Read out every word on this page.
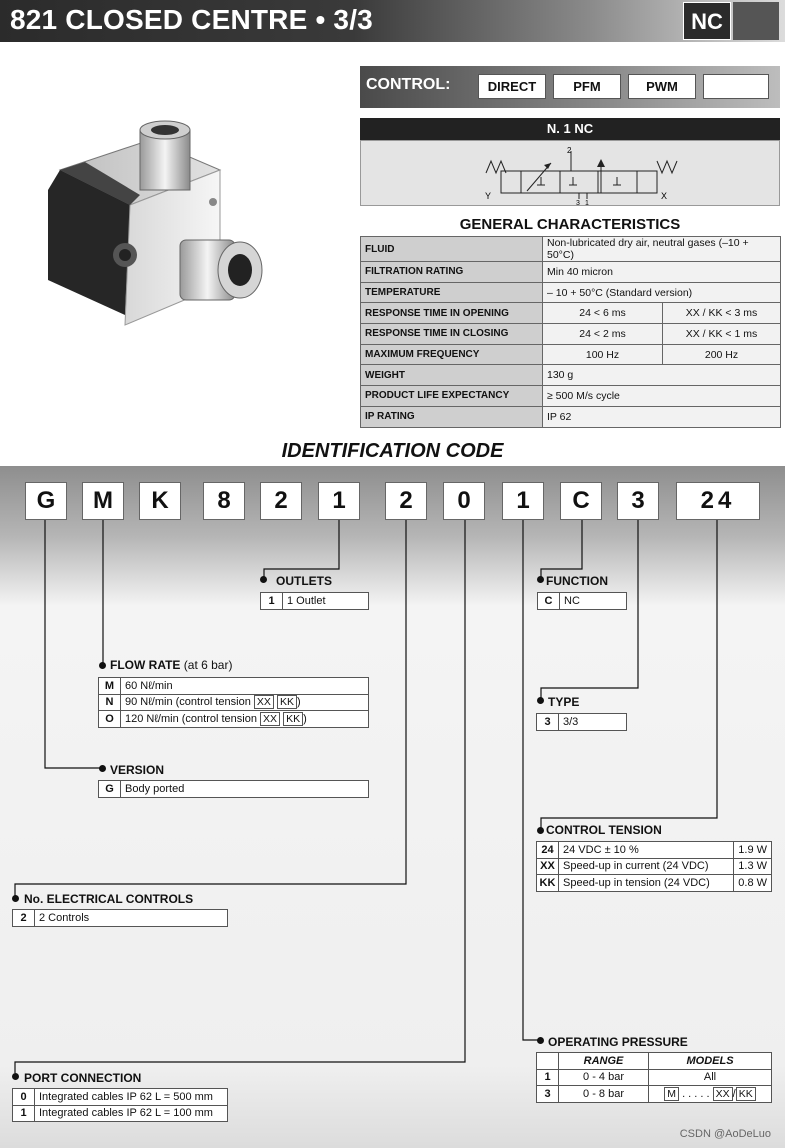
821 CLOSED CENTRE • 3/3	NC
CONTROL:	DIRECT	PFM	PWM
N. 1 NC
2
Y	X
3 1
GENERAL CHARACTERISTICS
FLUID	Non-lubricated dry air, neutral gases (–10 + 50°C)	
FILTRATION RATING	Min 40 micron	
TEMPERATURE	– 10 + 50°C (Standard version)	
RESPONSE TIME IN OPENING	24 < 6 ms	XX / KK < 3 ms
RESPONSE TIME IN CLOSING	24 < 2 ms	XX / KK < 1 ms
MAXIMUM FREQUENCY	100 Hz	200 Hz
WEIGHT	130 g	
PRODUCT LIFE EXPECTANCY	≥ 500 M/s cycle	
IP RATING	IP 62	
IDENTIFICATION CODE
G	M	K	8	2	1	2	0	1	C	3	24
OUTLETS
1	1 Outlet
FUNCTION
C	NC
FLOW RATE (at 6 bar)
M	60 Nℓ/min
N	90 Nℓ/min (control tension XX KK )
O	120 Nℓ/min (control tension XX KK )
TYPE
3	3/3
VERSION
G	Body ported
CONTROL TENSION
24	24 VDC ± 10 %	1.9 W
XX	Speed-up in current (24 VDC)	1.3 W
KK	Speed-up in tension (24 VDC)	0.8 W
No. ELECTRICAL CONTROLS
2	2 Controls
OPERATING PRESSURE
	RANGE	MODELS
1	0 - 4 bar	All
3	0 - 8 bar	M . . . . . XX / KK
PORT CONNECTION
0	Integrated cables IP 62 L = 500 mm
1	Integrated cables IP 62 L = 100 mm
CSDN @AoDeLuo
